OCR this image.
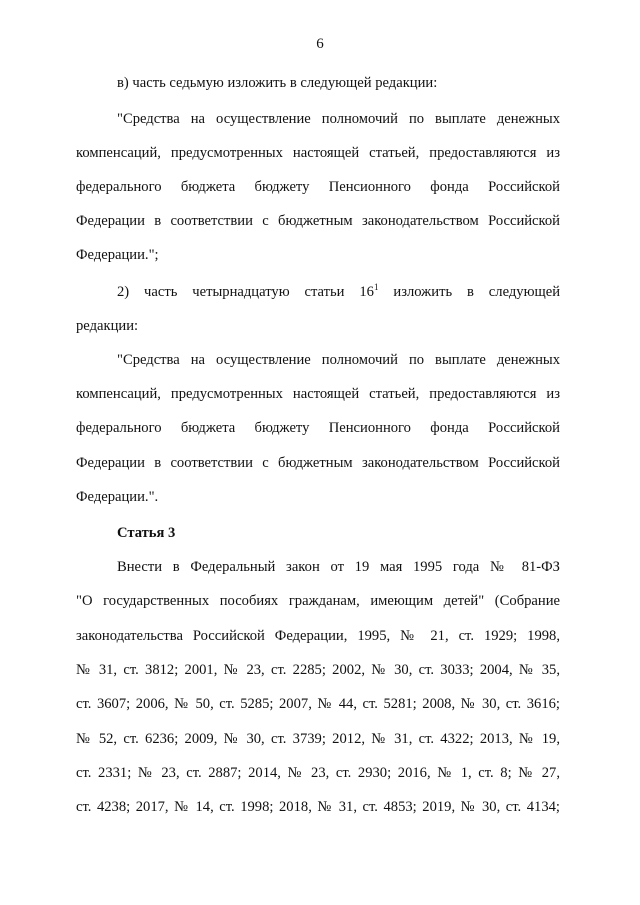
6
в) часть седьмую изложить в следующей редакции:
"Средства на осуществление полномочий по выплате денежных
компенсаций, предусмотренных настоящей статьей, предоставляются из
федерального бюджета бюджету Пенсионного фонда Российской
Федерации в соответствии с бюджетным законодательством Российской
Федерации.";
2) часть четырнадцатую статьи $16^1$ изложить в следующей
редакции:
"Средства на осуществление полномочий по выплате денежных
компенсаций, предусмотренных настоящей статьей, предоставляются из
федерального бюджета бюджету Пенсионного фонда Российской
Федерации в соответствии с бюджетным законодательством Российской
Федерации.".
Статья 3
Внести в Федеральный закон от 19 мая 1995 года № 81-ФЗ
"О государственных пособиях гражданам, имеющим детей" (Собрание
законодательства Российской Федерации, 1995, № 21, ст. 1929; 1998,
№ 31, ст. 3812; 2001, № 23, ст. 2285; 2002, № 30, ст. 3033; 2004, № 35,
ст. 3607; 2006, № 50, ст. 5285; 2007, № 44, ст. 5281; 2008, № 30, ст. 3616;
№ 52, ст. 6236; 2009, № 30, ст. 3739; 2012, № 31, ст. 4322; 2013, № 19,
ст. 2331; № 23, ст. 2887; 2014, № 23, ст. 2930; 2016, № 1, ст. 8; № 27,
ст. 4238; 2017, № 14, ст. 1998; 2018, № 31, ст. 4853; 2019, № 30, ст. 4134;
